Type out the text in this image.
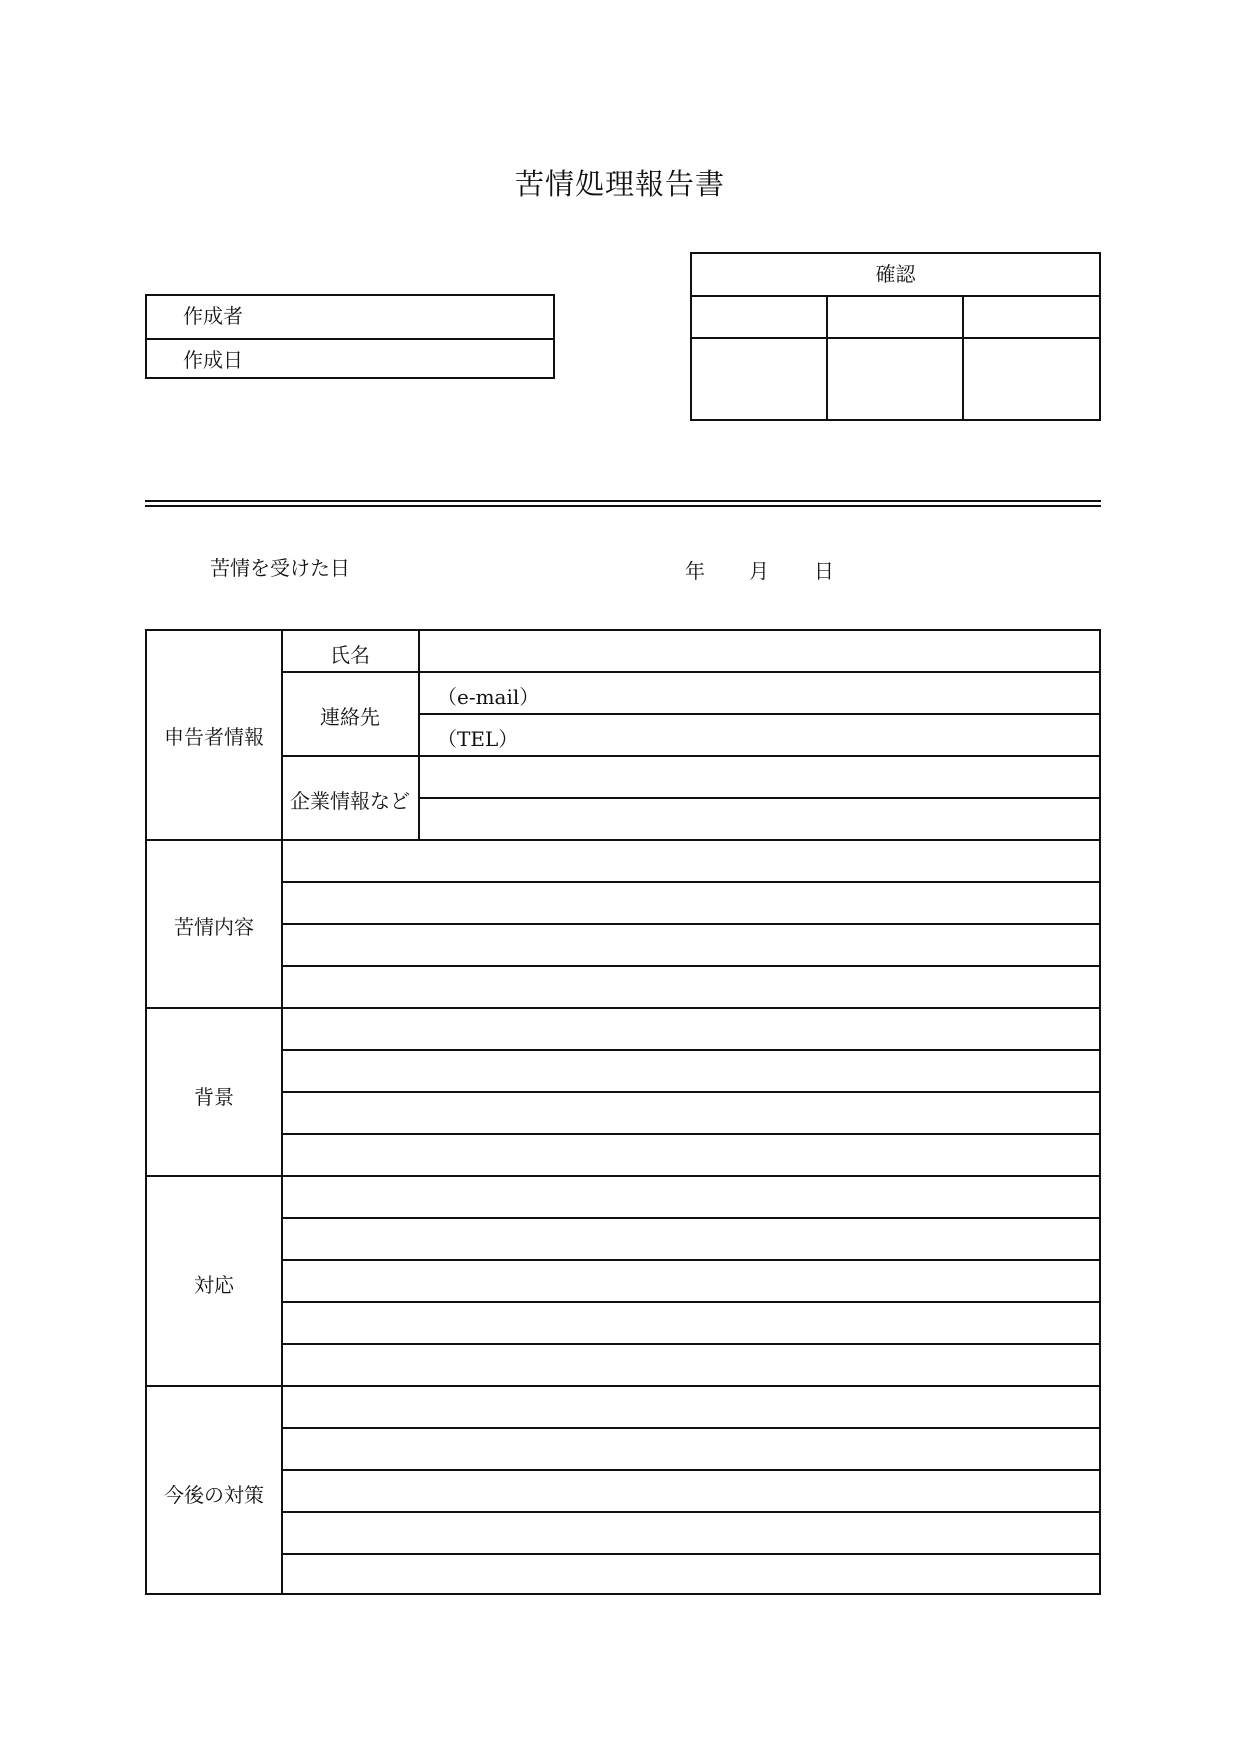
苦情処理報告書
作成者
作成日
確認
苦情を受けた日	年 月 日
申告者情報
氏名
連絡先
企業情報など
（e-mail）
（TEL）
苦情内容
背景
対応
今後の対策
